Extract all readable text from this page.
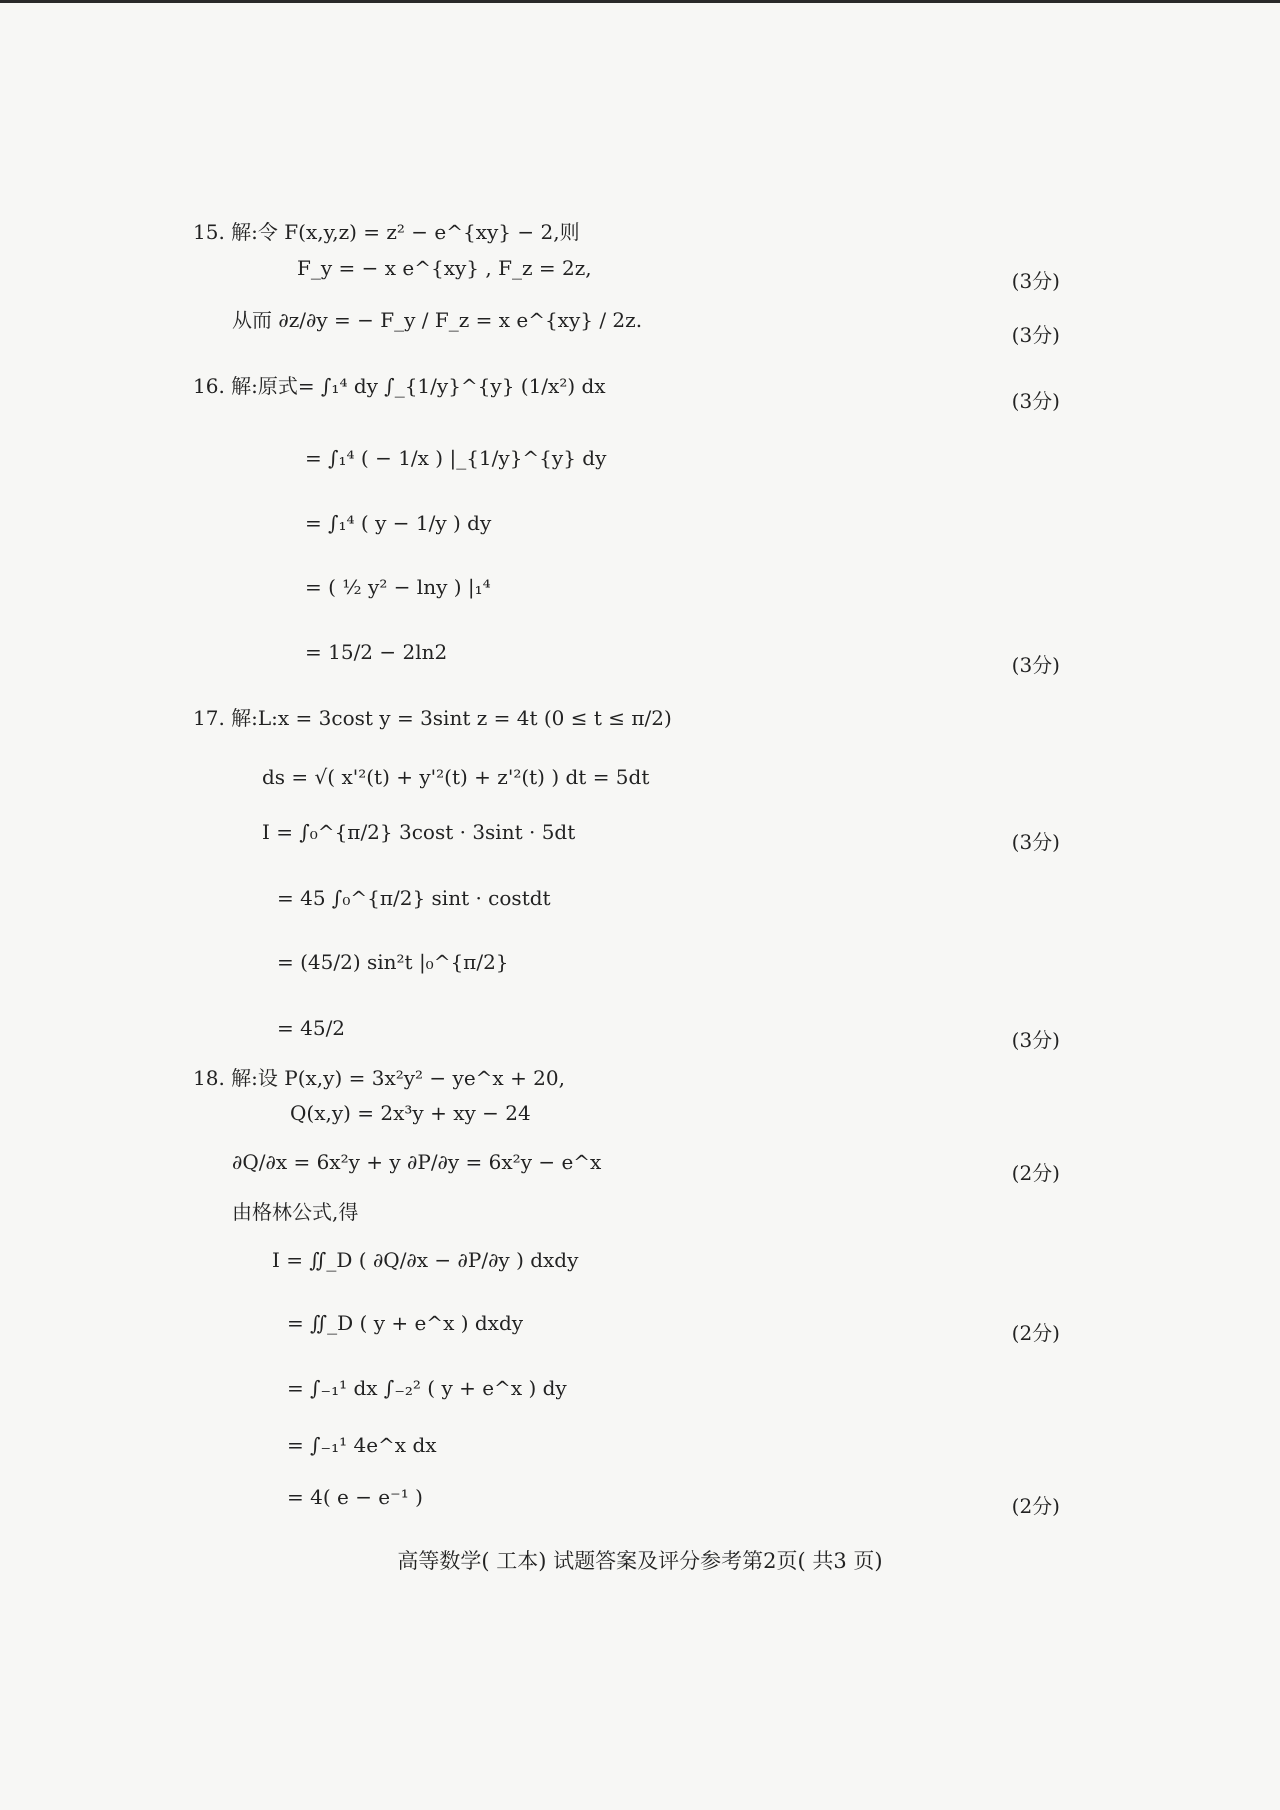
15. 解:令 F(x,y,z) = z² − e^{xy} − 2,则
F_y = − x e^{xy} , F_z = 2z,
从而 ∂z/∂y = − F_y / F_z = x e^{xy} / 2z.
16. 解:原式= ∫₁⁴ dy ∫_{1/y}^{y} (1/x²) dx
= ∫₁⁴ ( − 1/x ) |_{1/y}^{y} dy
= ∫₁⁴ ( y − 1/y ) dy
= ( ½ y² − lny ) |₁⁴
= 15/2 − 2ln2
17. 解:L:x = 3cost y = 3sint z = 4t (0 ≤ t ≤ π/2)
ds = √( x'²(t) + y'²(t) + z'²(t) ) dt = 5dt
I = ∫₀^{π/2} 3cost · 3sint · 5dt
= 45 ∫₀^{π/2} sint · costdt
= (45/2) sin²t |₀^{π/2}
= 45/2
18. 解:设 P(x,y) = 3x²y² − ye^x + 20,
Q(x,y) = 2x³y + xy − 24
∂Q/∂x = 6x²y + y ∂P/∂y = 6x²y − e^x
由格林公式,得
I = ∬_D ( ∂Q/∂x − ∂P/∂y ) dxdy
= ∬_D ( y + e^x ) dxdy
= ∫₋₁¹ dx ∫₋₂² ( y + e^x ) dy
= ∫₋₁¹ 4e^x dx
= 4( e − e⁻¹ )
(3分)
(3分)
(3分)
(3分)
(3分)
(3分)
(2分)
(2分)
(2分)
高等数学( 工本) 试题答案及评分参考第2页( 共3 页)
